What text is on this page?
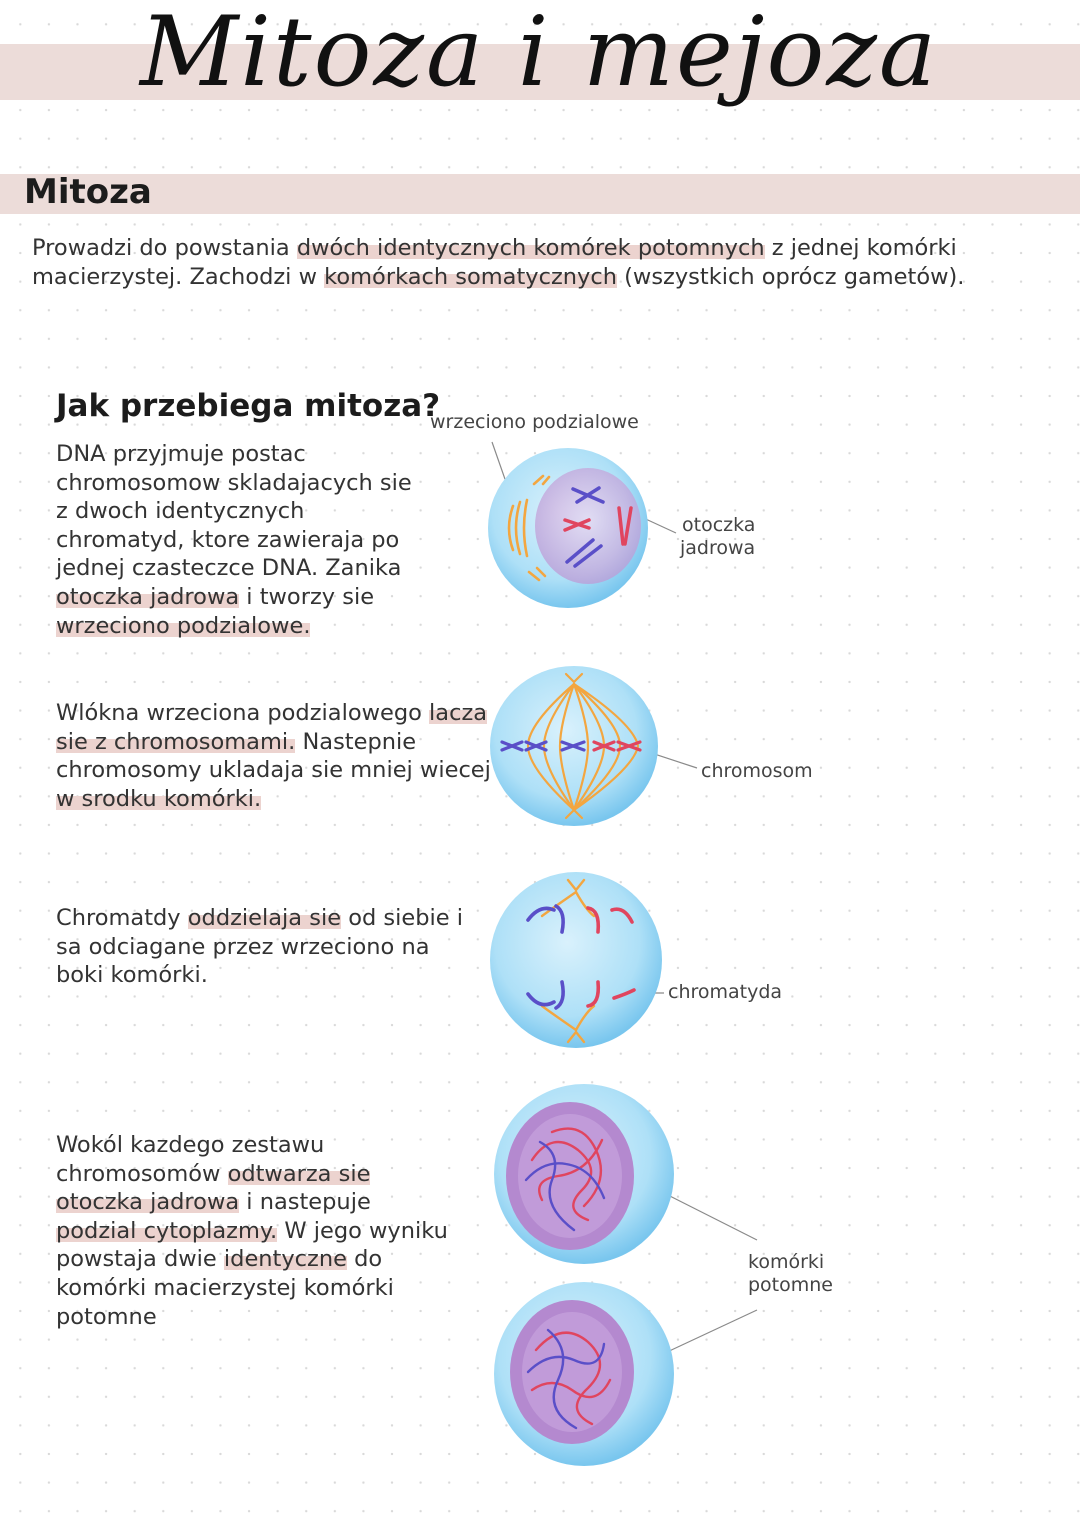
Mitoza i mejoza
Mitoza
Prowadzi do powstania dwóch identycznych komórek potomnych z jednej komórki
macierzystej. Zachodzi w komórkach somatycznych (wszystkich oprócz gametów).
Jak przebiega mitoza?
DNA przyjmuje postac
chromosomow skladajacych sie
z dwoch identycznych
chromatyd, ktore zawieraja po
jednej czasteczce DNA. Zanika
otoczka jadrowa i tworzy sie
wrzeciono podzialowe.
Wlókna wrzeciona podzialowego lacza
sie z chromosomami. Nastepnie
chromosomy ukladaja sie mniej wiecej
w srodku komórki.
Chromatdy oddzielaja sie od siebie i
sa odciagane przez wrzeciono na
boki komórki.
Wokól kazdego zestawu
chromosomów odtwarza sie
otoczka jadrowa i nastepuje
podzial cytoplazmy. W jego wyniku
powstaja dwie identyczne do
komórki macierzystej komórki
potomne
wrzeciono podzialowe
otoczka
jadrowa
chromosom
chromatyda
komórki
potomne
